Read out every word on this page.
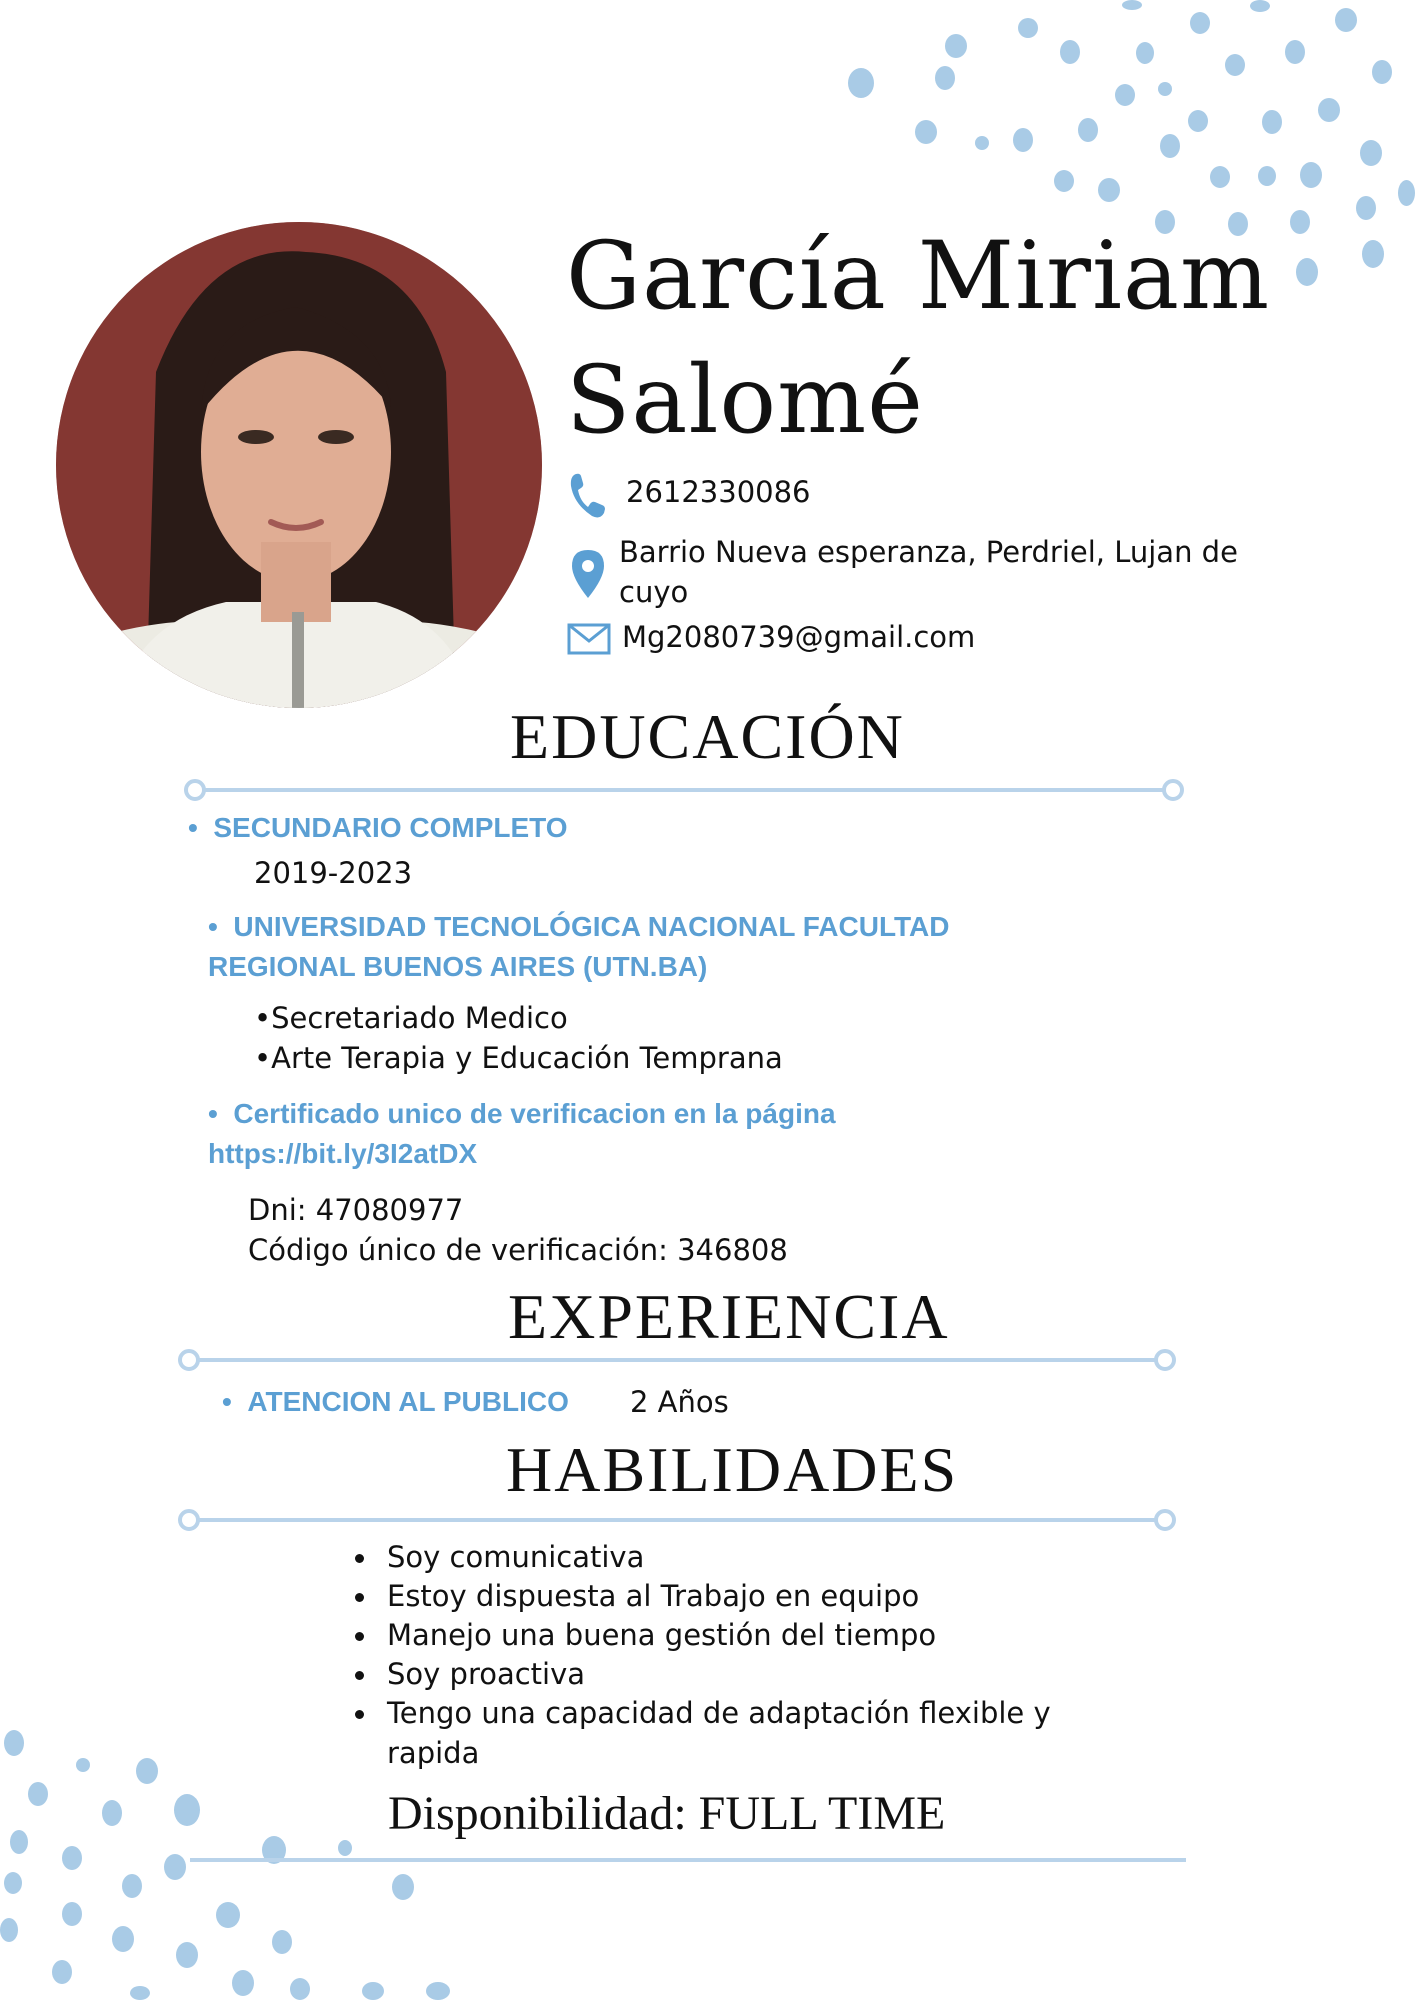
García Miriam
Salomé
2612330086
Barrio Nueva esperanza, Perdriel, Lujan de
cuyo
Mg2080739@gmail.com
EDUCACIÓN
•  SECUNDARIO COMPLETO
2019-2023
•  UNIVERSIDAD TECNOLÓGICA NACIONAL FACULTAD
REGIONAL BUENOS AIRES (UTN.BA)
•Secretariado Medico
•Arte Terapia y Educación Temprana
•  Certificado unico de verificacion en la página
https://bit.ly/3I2atDX
Dni: 47080977
Código único de verificación: 346808
EXPERIENCIA
•  ATENCION AL PUBLICO 2 Años
HABILIDADES
Soy comunicativa
Estoy dispuesta al Trabajo en equipo
Manejo una buena gestión del tiempo
Soy proactiva
Tengo una capacidad de adaptación flexible y
rapida
Disponibilidad: FULL TIME
